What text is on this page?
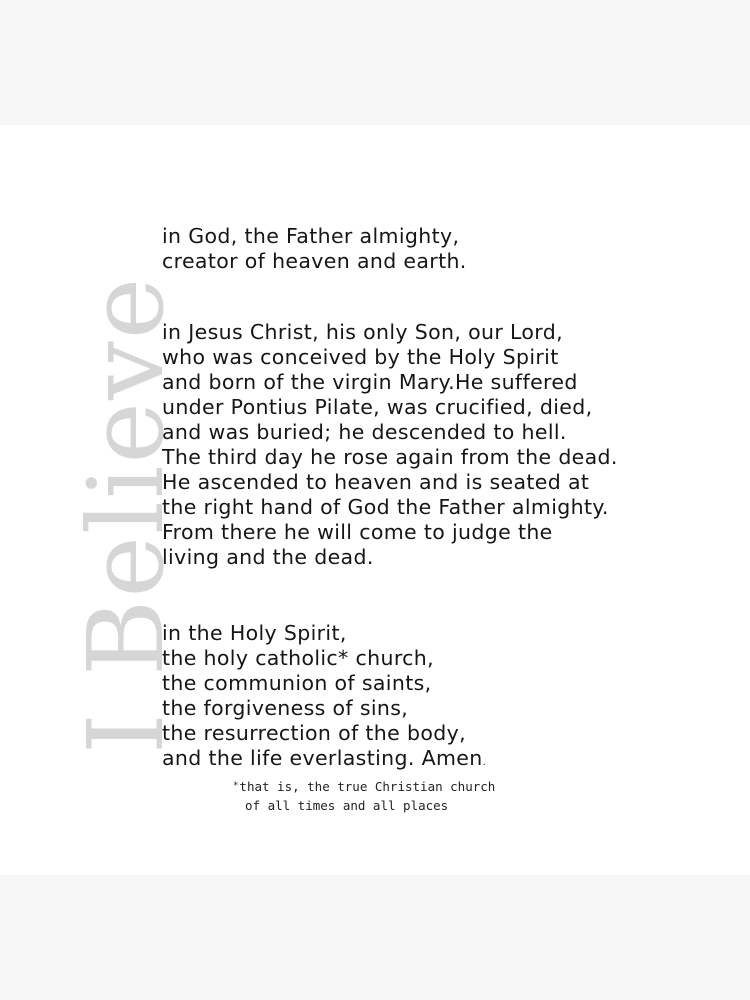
I Believe
in God, the Father almighty,
creator of heaven and earth.
in Jesus Christ, his only Son, our Lord,
who was conceived by the Holy Spirit
and born of the virgin Mary.He suffered
under Pontius Pilate, was crucified, died,
and was buried; he descended to hell.
The third day he rose again from the dead.
He ascended to heaven and is seated at
the right hand of God the Father almighty.
From there he will come to judge the
living and the dead.
in the Holy Spirit,
the holy catholic* church,
the communion of saints,
the forgiveness of sins,
the resurrection of the body,
and the life everlasting. Amen.
*that is, the true Christian church
of all times and all places
